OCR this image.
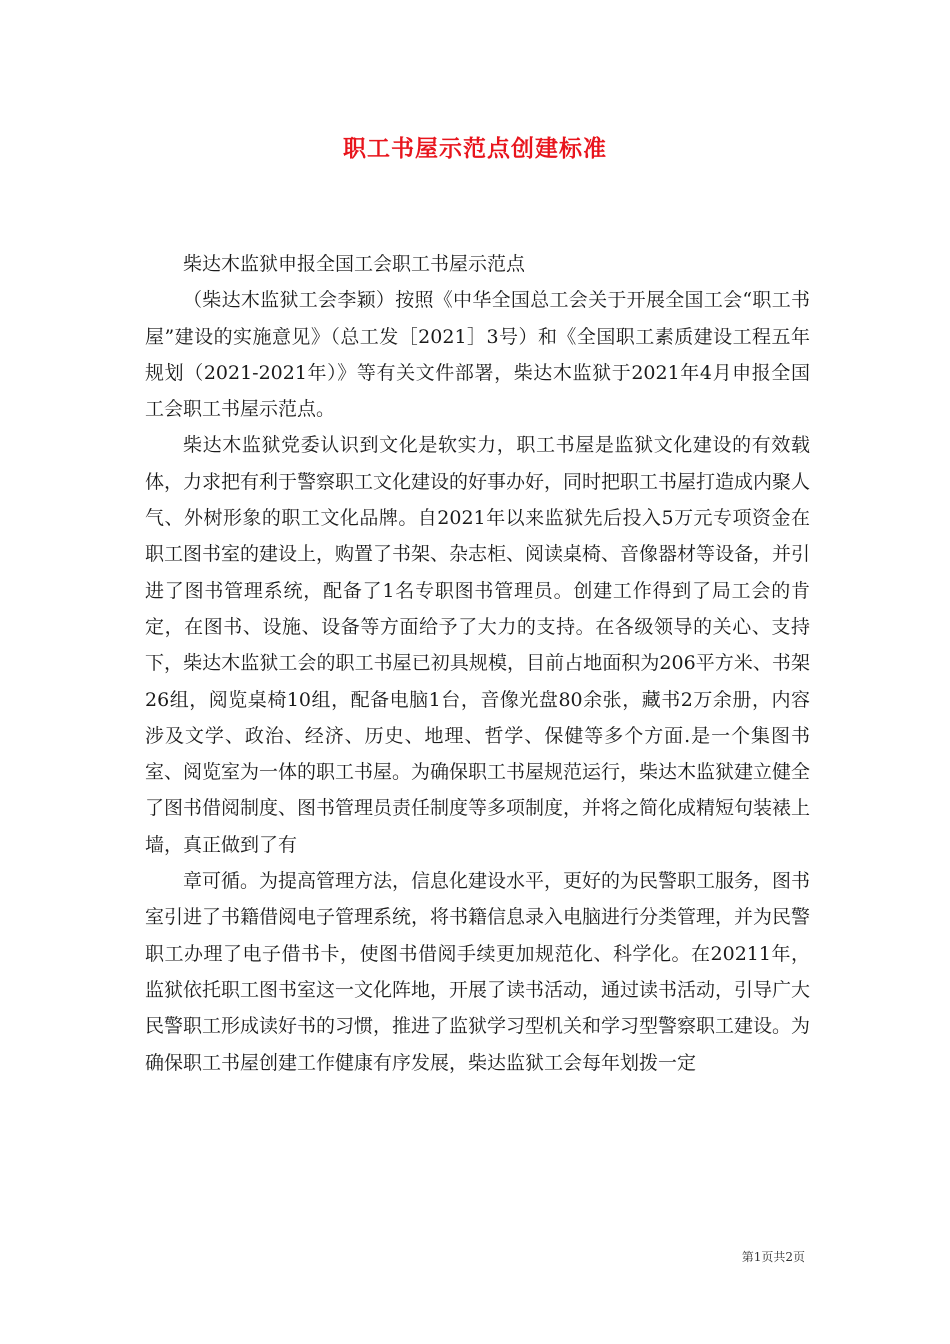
职工书屋示范点创建标准

柴达木监狱申报全国工会职工书屋示范点

（柴达木监狱工会李颖）按照《中华全国总工会关于开展全国工会“职工书屋”建设的实施意见》（总工发［2021］3号）和《全国职工素质建设工程五年规划（2021-2021年）》等有关文件部署，柴达木监狱于2021年4月申报全国工会职工书屋示范点。

柴达木监狱党委认识到文化是软实力，职工书屋是监狱文化建设的有效载体，力求把有利于警察职工文化建设的好事办好，同时把职工书屋打造成内聚人气、外树形象的职工文化品牌。自2021年以来监狱先后投入5万元专项资金在职工图书室的建设上，购置了书架、杂志柜、阅读桌椅、音像器材等设备，并引进了图书管理系统，配备了1名专职图书管理员。创建工作得到了局工会的肯定，在图书、设施、设备等方面给予了大力的支持。在各级领导的关心、支持下，柴达木监狱工会的职工书屋已初具规模，目前占地面积为206平方米、书架26组，阅览桌椅10组，配备电脑1台，音像光盘80余张，藏书2万余册，内容涉及文学、政治、经济、历史、地理、哲学、保健等多个方面.是一个集图书室、阅览室为一体的职工书屋。为确保职工书屋规范运行，柴达木监狱建立健全了图书借阅制度、图书管理员责任制度等多项制度，并将之简化成精短句装裱上墙，真正做到了有

章可循。为提高管理方法，信息化建设水平，更好的为民警职工服务，图书室引进了书籍借阅电子管理系统，将书籍信息录入电脑进行分类管理，并为民警职工办理了电子借书卡，使图书借阅手续更加规范化、科学化。在20211年，监狱依托职工图书室这一文化阵地，开展了读书活动，通过读书活动，引导广大民警职工形成读好书的习惯，推进了监狱学习型机关和学习型警察职工建设。为确保职工书屋创建工作健康有序发展，柴达监狱工会每年划拨一定

第1页共2页
